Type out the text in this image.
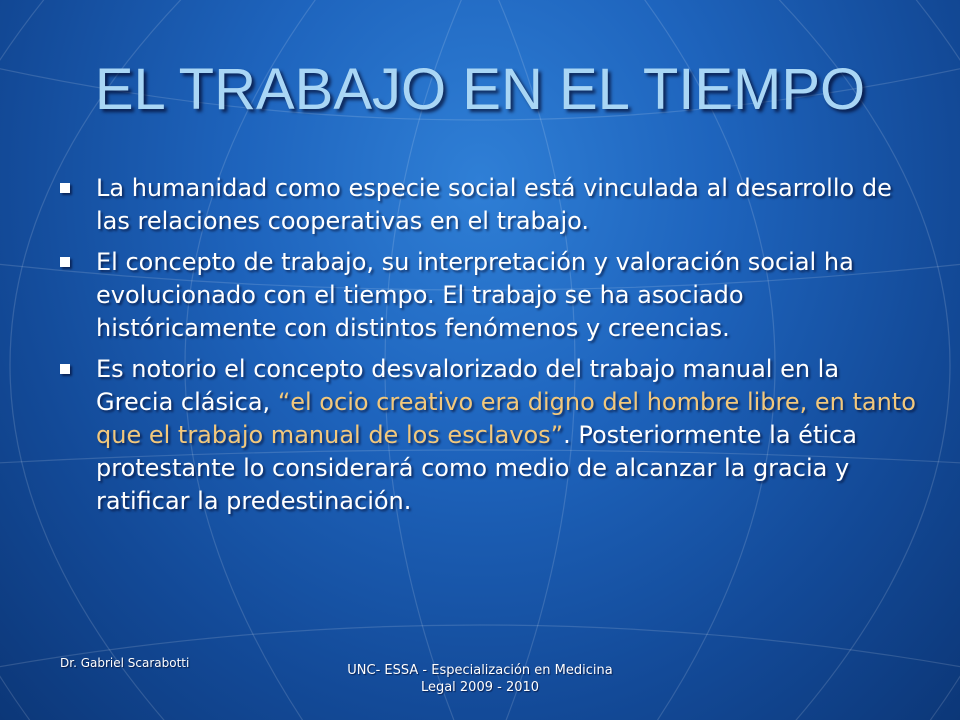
EL TRABAJO EN EL TIEMPO
La humanidad como especie social está vinculada al desarrollo de las relaciones cooperativas en el trabajo.
El concepto de trabajo, su interpretación y valoración social ha evolucionado con el tiempo. El trabajo se ha asociado históricamente con distintos fenómenos y creencias.
Es notorio el concepto desvalorizado del trabajo manual en la Grecia clásica, “el ocio creativo era digno del hombre libre, en tanto que el trabajo manual de los esclavos”. Posteriormente la ética protestante lo considerará como medio de alcanzar la gracia y ratificar la predestinación.
Dr. Gabriel Scarabotti	UNC- ESSA - Especialización en Medicina
Legal 2009 - 2010
